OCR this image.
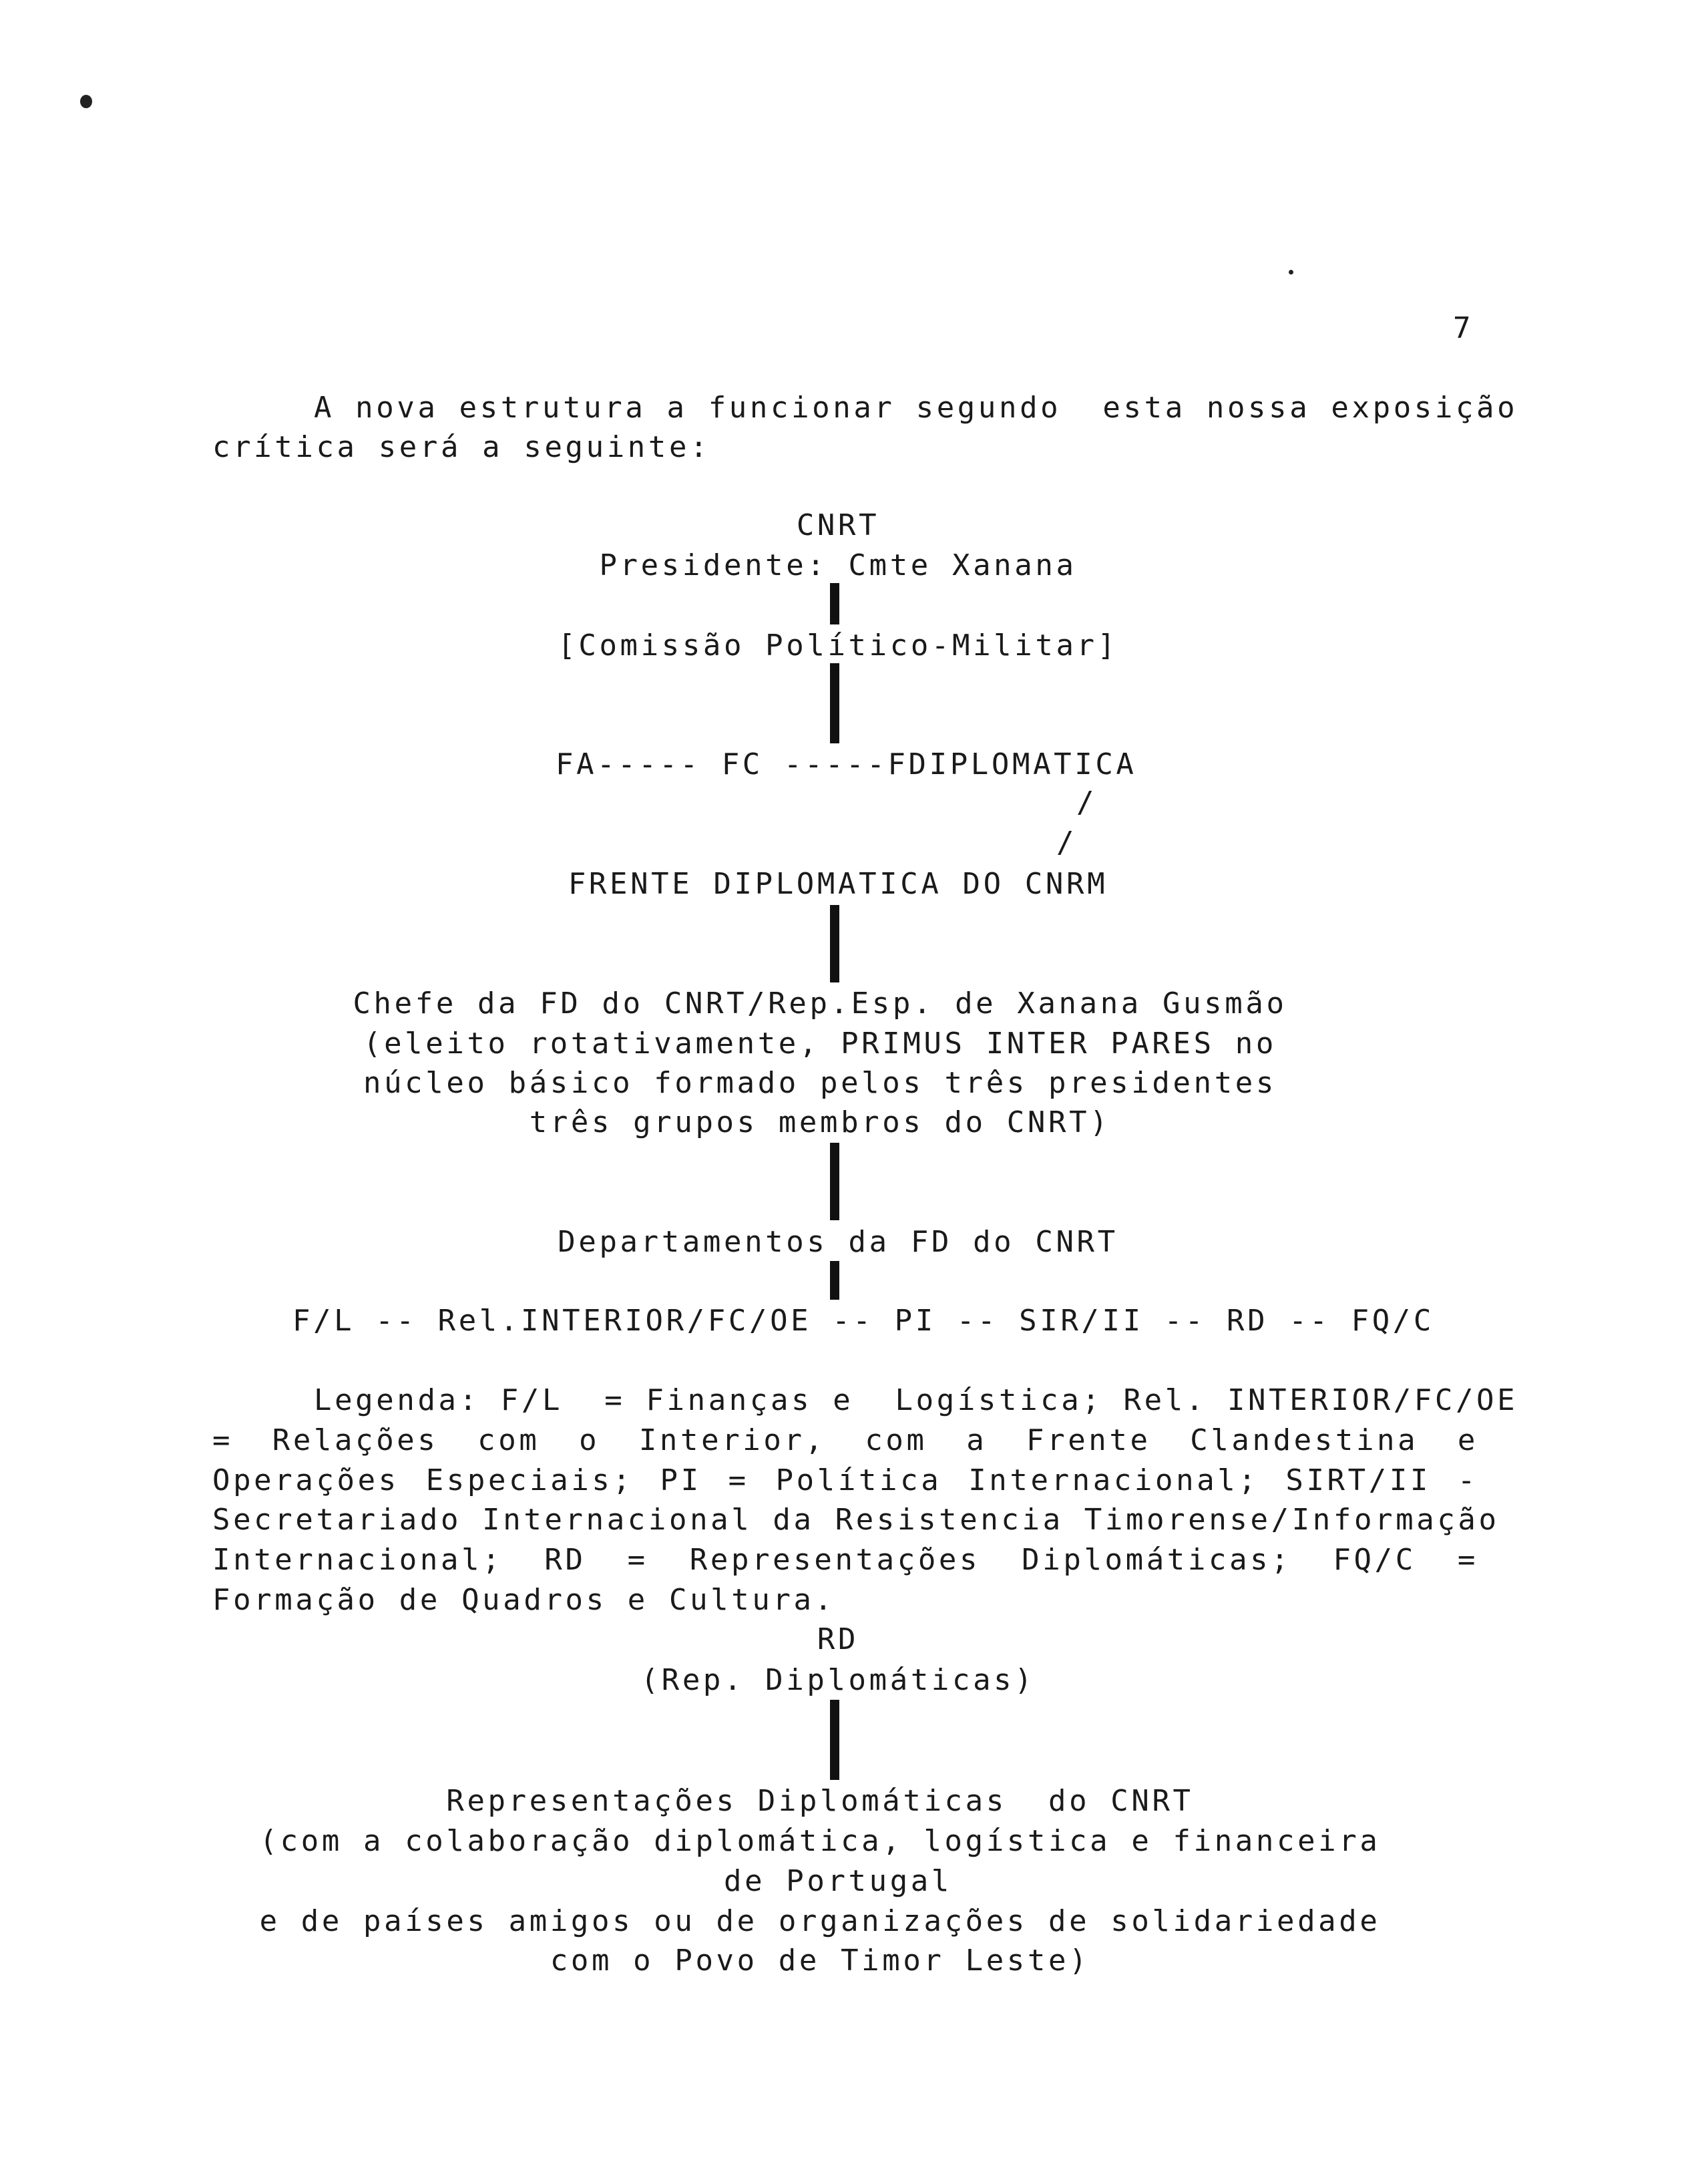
7
A nova estrutura a funcionar segundo  esta nossa exposição
crítica será a seguinte:
CNRT
Presidente: Cmte Xanana
[Comissão Político-Militar]
FA----- FC -----FDIPLOMATICA
/
/
FRENTE DIPLOMATICA DO CNRM
Chefe da FD do CNRT/Rep.Esp. de Xanana Gusmão
(eleito rotativamente, PRIMUS INTER PARES no
núcleo básico formado pelos três presidentes
três grupos membros do CNRT)
Departamentos da FD do CNRT
F/L -- Rel.INTERIOR/FC/OE -- PI -- SIR/II -- RD -- FQ/C
Legenda: F/L  = Finanças e  Logística; Rel. INTERIOR/FC/OE
= Relações com o Interior, com a Frente Clandestina e
Operações Especiais; PI = Política Internacional; SIRT/II -
Secretariado Internacional da Resistencia Timorense/Informação
Internacional; RD = Representações Diplomáticas; FQ/C =
Formação de Quadros e Cultura.
RD
(Rep. Diplomáticas)
Representações Diplomáticas  do CNRT
(com a colaboração diplomática, logística e financeira
de Portugal
e de países amigos ou de organizações de solidariedade
com o Povo de Timor Leste)
